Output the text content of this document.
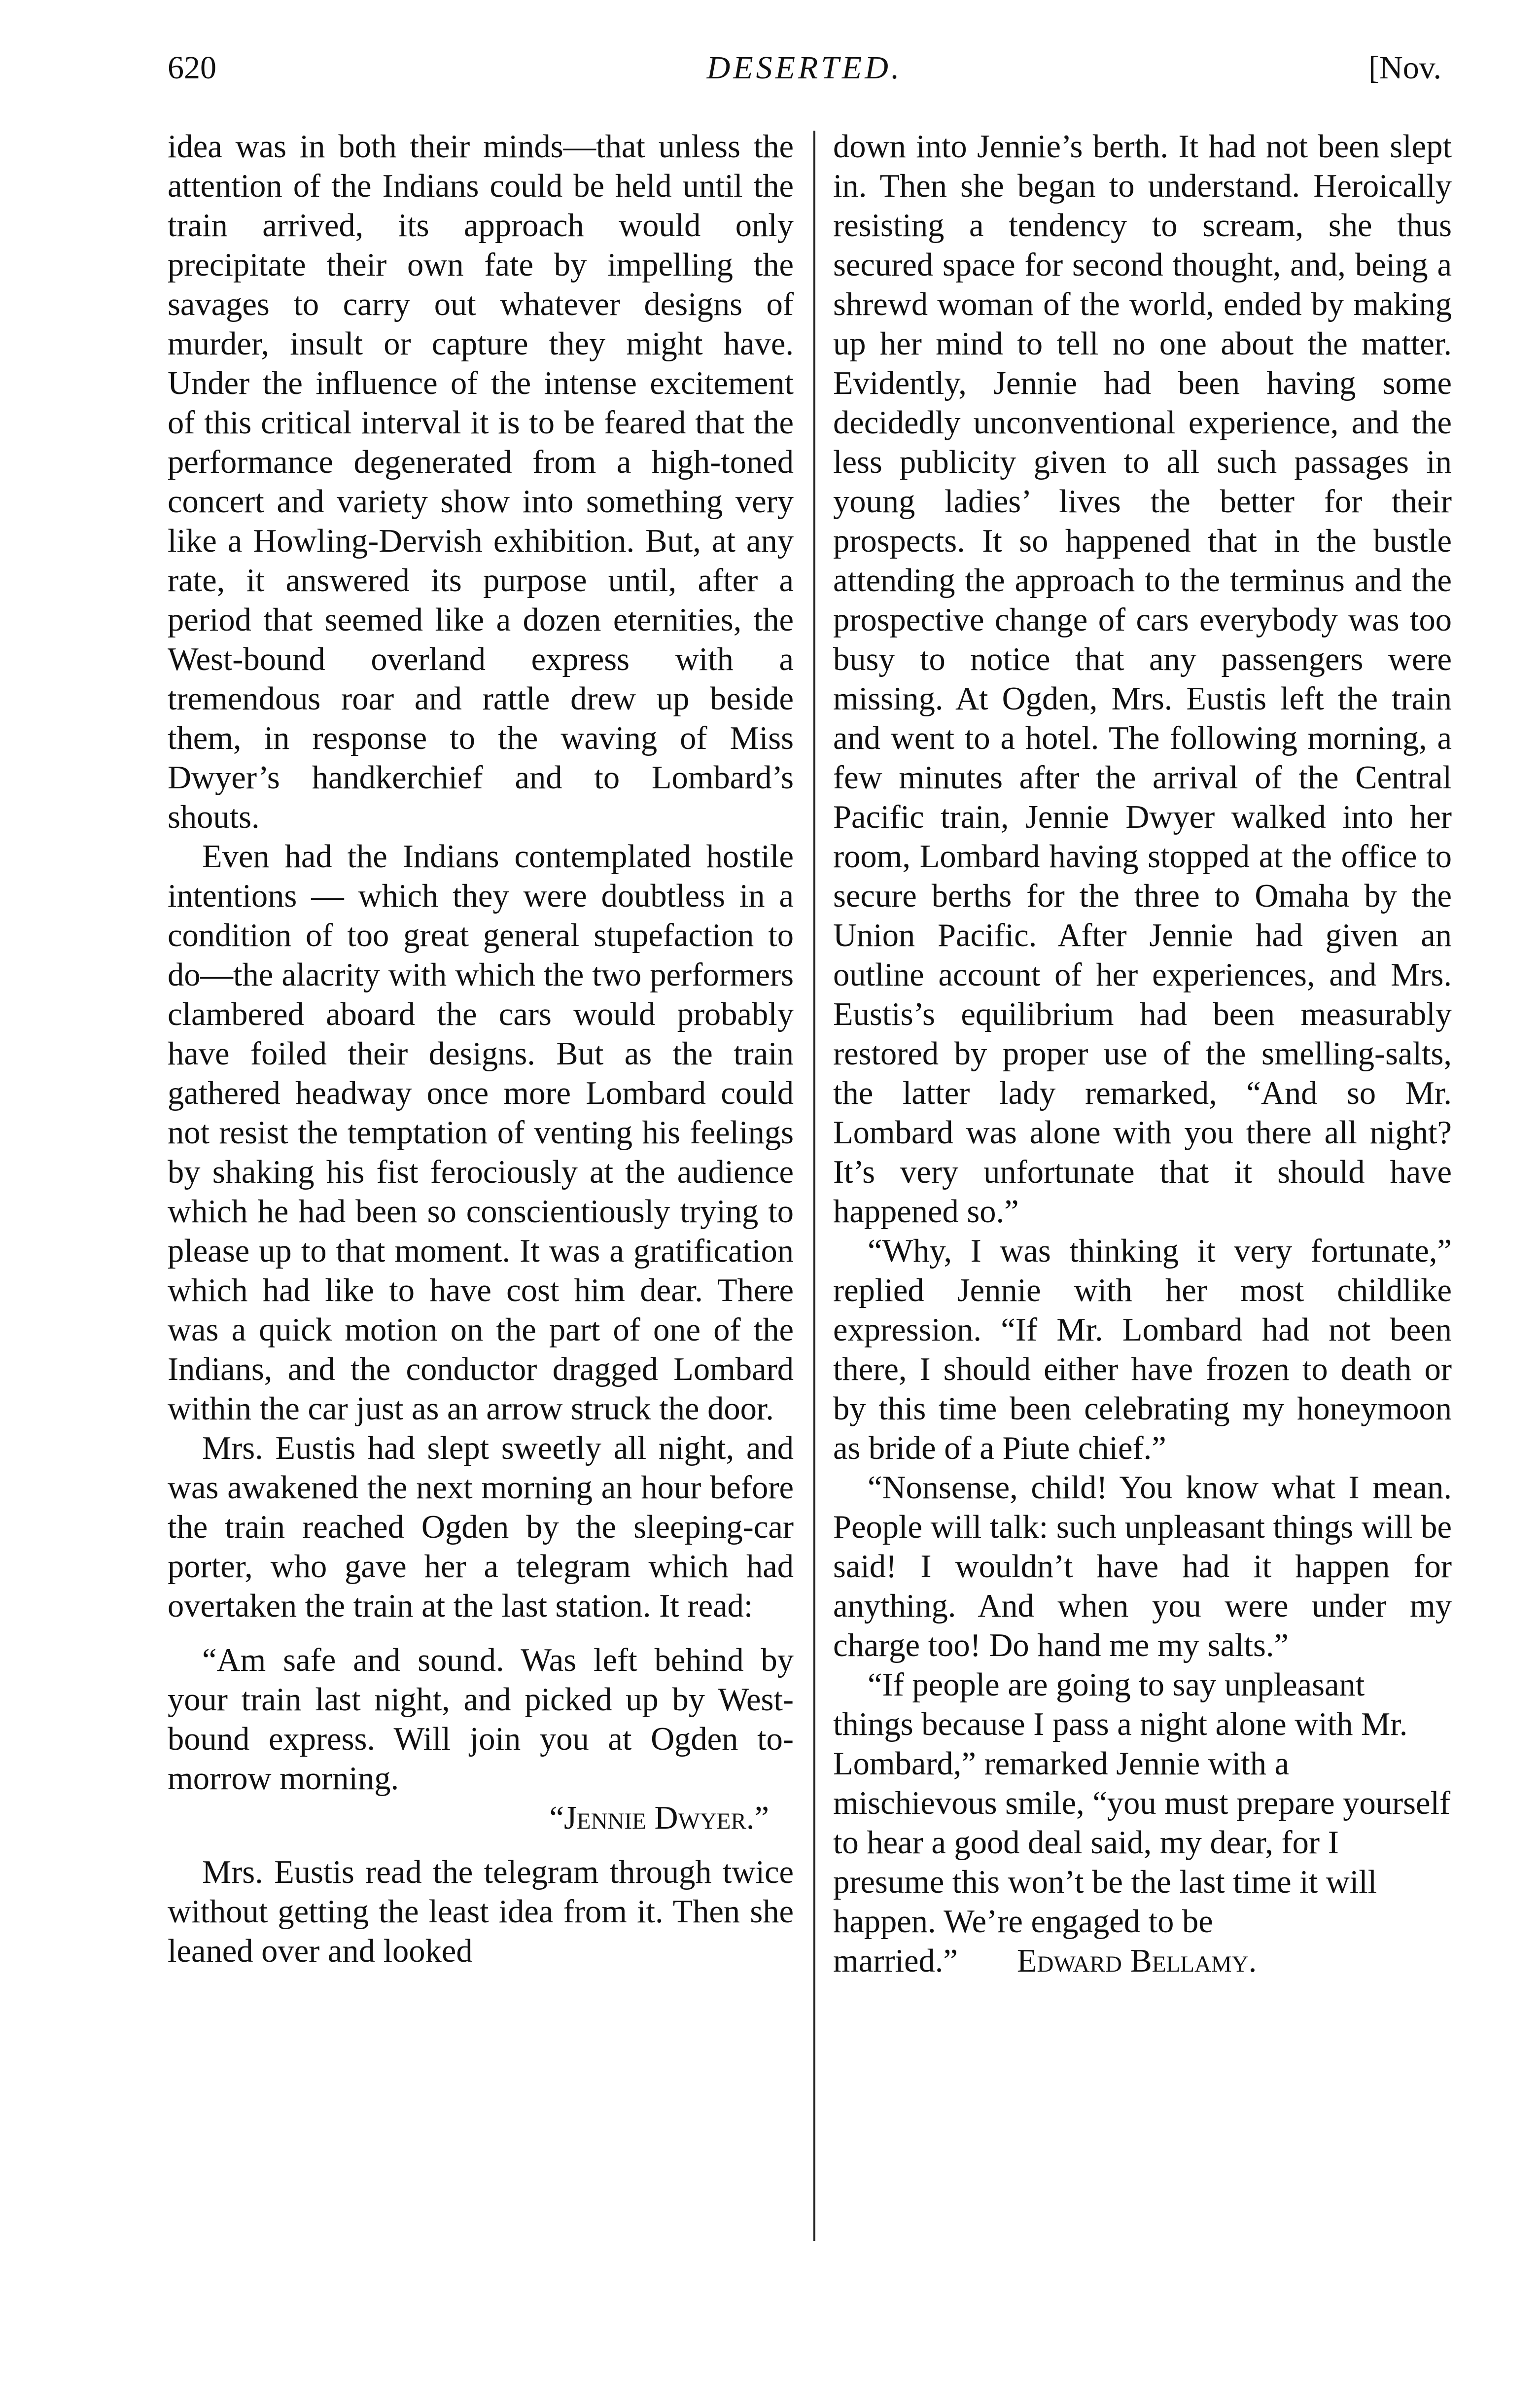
620	DESERTED.	[Nov.

idea was in both their minds—that unless the attention of the Indians could be held until the train arrived, its approach would only precipitate their own fate by impelling the savages to carry out whatever designs of murder, insult or capture they might have. Under the influence of the intense excitement of this critical interval it is to be feared that the performance degenerated from a high-toned concert and variety show into something very like a Howling-Dervish exhibition. But, at any rate, it answered its purpose until, after a period that seemed like a dozen eternities, the West-bound overland express with a tremendous roar and rattle drew up beside them, in response to the waving of Miss Dwyer’s handkerchief and to Lombard’s shouts.

Even had the Indians contemplated hostile intentions — which they were doubtless in a condition of too great general stupefaction to do—the alacrity with which the two performers clambered aboard the cars would probably have foiled their designs. But as the train gathered headway once more Lombard could not resist the temptation of venting his feelings by shaking his fist ferociously at the audience which he had been so conscientiously trying to please up to that moment. It was a gratification which had like to have cost him dear. There was a quick motion on the part of one of the Indians, and the conductor dragged Lombard within the car just as an arrow struck the door.

Mrs. Eustis had slept sweetly all night, and was awakened the next morning an hour before the train reached Ogden by the sleeping-car porter, who gave her a telegram which had overtaken the train at the last station. It read:

“Am safe and sound. Was left behind by your train last night, and picked up by West-bound express. Will join you at Ogden to-morrow morning.

“Jennie Dwyer.”

Mrs. Eustis read the telegram through twice without getting the least idea from it. Then she leaned over and looked

down into Jennie’s berth. It had not been slept in. Then she began to understand. Heroically resisting a tendency to scream, she thus secured space for second thought, and, being a shrewd woman of the world, ended by making up her mind to tell no one about the matter. Evidently, Jennie had been having some decidedly unconventional experience, and the less publicity given to all such passages in young ladies’ lives the better for their prospects. It so happened that in the bustle attending the approach to the terminus and the prospective change of cars everybody was too busy to notice that any passengers were missing. At Ogden, Mrs. Eustis left the train and went to a hotel. The following morning, a few minutes after the arrival of the Central Pacific train, Jennie Dwyer walked into her room, Lombard having stopped at the office to secure berths for the three to Omaha by the Union Pacific. After Jennie had given an outline account of her experiences, and Mrs. Eustis’s equilibrium had been measurably restored by proper use of the smelling-salts, the latter lady remarked, “And so Mr. Lombard was alone with you there all night? It’s very unfortunate that it should have happened so.”

“Why, I was thinking it very fortunate,” replied Jennie with her most childlike expression. “If Mr. Lombard had not been there, I should either have frozen to death or by this time been celebrating my honeymoon as bride of a Piute chief.”

“Nonsense, child! You know what I mean. People will talk: such unpleasant things will be said! I wouldn’t have had it happen for anything. And when you were under my charge too! Do hand me my salts.”

“If people are going to say unpleasant things because I pass a night alone with Mr. Lombard,” remarked Jennie with a mischievous smile, “you must prepare yourself to hear a good deal said, my dear, for I presume this won’t be the last time it will happen. We’re engaged to be married.” Edward Bellamy.
